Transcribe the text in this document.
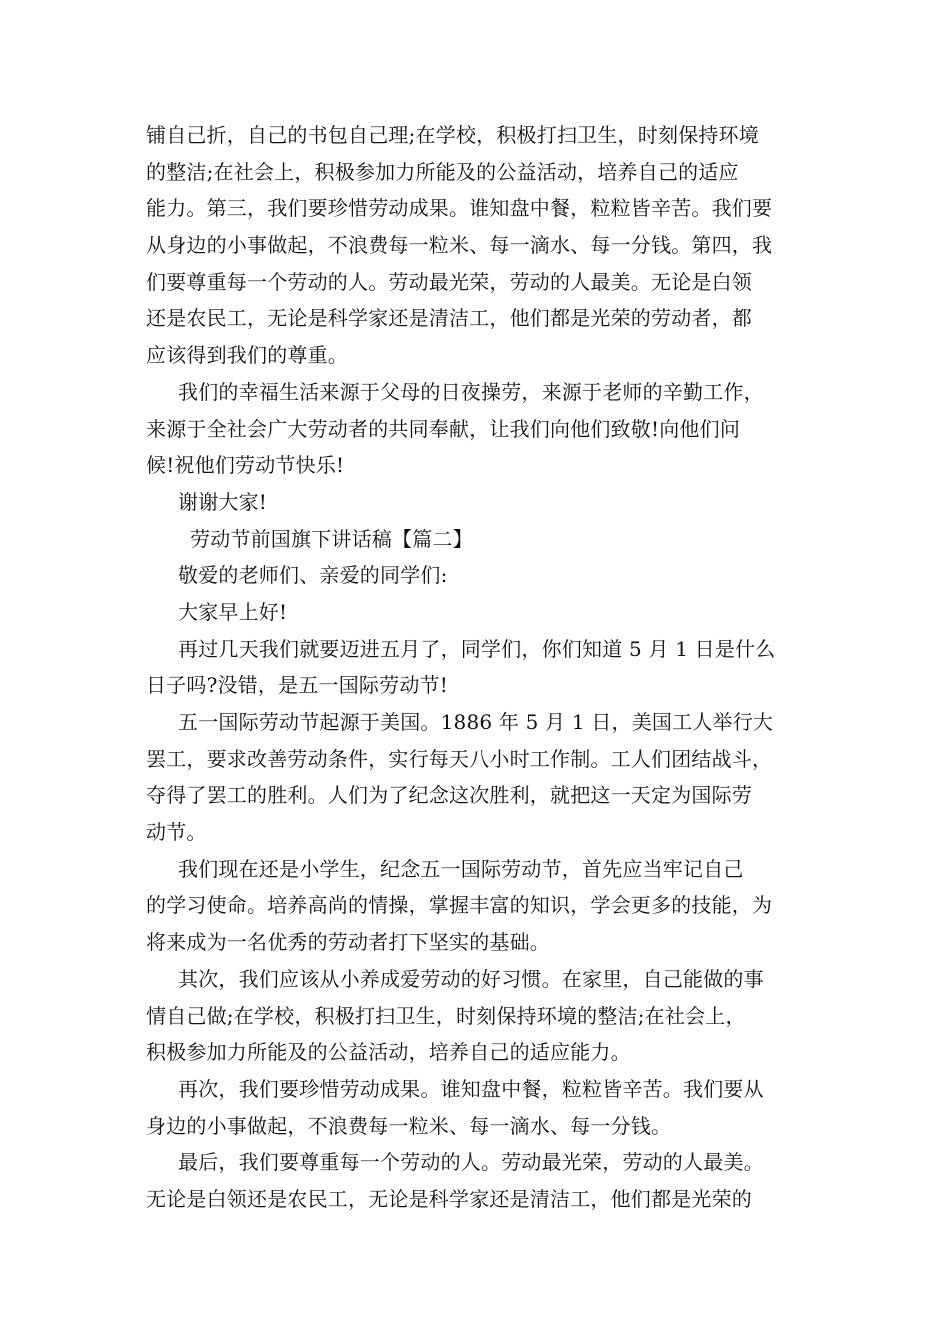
铺自己折，自己的书包自己理;在学校，积极打扫卫生，时刻保持环境
的整洁;在社会上，积极参加力所能及的公益活动，培养自己的适应
能力。第三，我们要珍惜劳动成果。谁知盘中餐，粒粒皆辛苦。我们要
从身边的小事做起，不浪费每一粒米、每一滴水、每一分钱。第四，我
们要尊重每一个劳动的人。劳动最光荣，劳动的人最美。无论是白领
还是农民工，无论是科学家还是清洁工，他们都是光荣的劳动者，都
应该得到我们的尊重。
我们的幸福生活来源于父母的日夜操劳，来源于老师的辛勤工作，
来源于全社会广大劳动者的共同奉献，让我们向他们致敬!向他们问
候!祝他们劳动节快乐!
谢谢大家!
劳动节前国旗下讲话稿【篇二】
敬爱的老师们、亲爱的同学们:
大家早上好!
再过几天我们就要迈进五月了，同学们，你们知道 5 月 1 日是什么
日子吗?没错，是五一国际劳动节!
五一国际劳动节起源于美国。1886 年 5 月 1 日，美国工人举行大
罢工，要求改善劳动条件，实行每天八小时工作制。工人们团结战斗，
夺得了罢工的胜利。人们为了纪念这次胜利，就把这一天定为国际劳
动节。
我们现在还是小学生，纪念五一国际劳动节，首先应当牢记自己
的学习使命。培养高尚的情操，掌握丰富的知识，学会更多的技能，为
将来成为一名优秀的劳动者打下坚实的基础。
其次，我们应该从小养成爱劳动的好习惯。在家里，自己能做的事
情自己做;在学校，积极打扫卫生，时刻保持环境的整洁;在社会上，
积极参加力所能及的公益活动，培养自己的适应能力。
再次，我们要珍惜劳动成果。谁知盘中餐，粒粒皆辛苦。我们要从
身边的小事做起，不浪费每一粒米、每一滴水、每一分钱。
最后，我们要尊重每一个劳动的人。劳动最光荣，劳动的人最美。
无论是白领还是农民工，无论是科学家还是清洁工，他们都是光荣的
